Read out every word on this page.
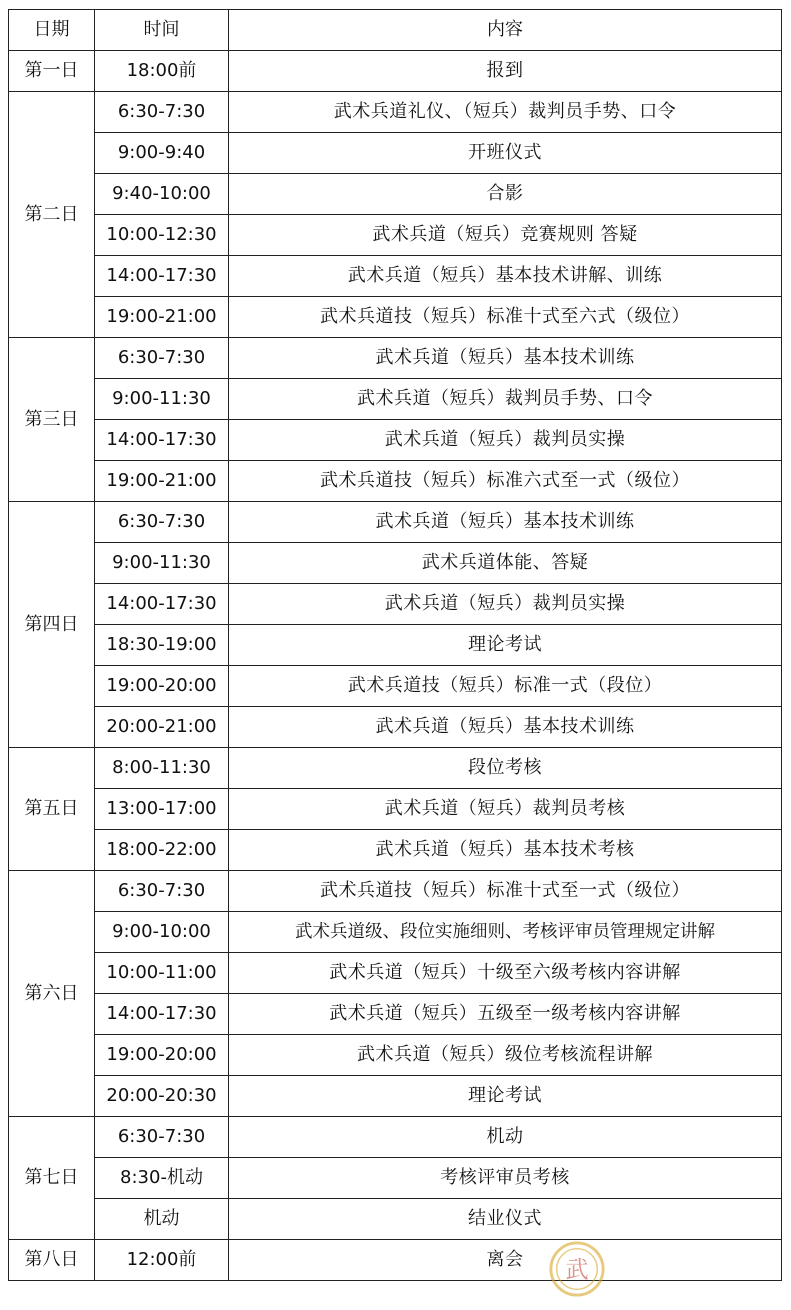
日期	时间	内容
第一日	18:00前	报到
第二日	6:30-7:30	武术兵道礼仪、（短兵）裁判员手势、口令
	9:00-9:40	开班仪式
	9:40-10:00	合影
	10:00-12:30	武术兵道（短兵）竞赛规则 答疑
	14:00-17:30	武术兵道（短兵）基本技术讲解、训练
	19:00-21:00	武术兵道技（短兵）标准十式至六式（级位）
第三日	6:30-7:30	武术兵道（短兵）基本技术训练
	9:00-11:30	武术兵道（短兵）裁判员手势、口令
	14:00-17:30	武术兵道（短兵）裁判员实操
	19:00-21:00	武术兵道技（短兵）标准六式至一式（级位）
第四日	6:30-7:30	武术兵道（短兵）基本技术训练
	9:00-11:30	武术兵道体能、答疑
	14:00-17:30	武术兵道（短兵）裁判员实操
	18:30-19:00	理论考试
	19:00-20:00	武术兵道技（短兵）标准一式（段位）
	20:00-21:00	武术兵道（短兵）基本技术训练
第五日	8:00-11:30	段位考核
	13:00-17:00	武术兵道（短兵）裁判员考核
	18:00-22:00	武术兵道（短兵）基本技术考核
第六日	6:30-7:30	武术兵道技（短兵）标准十式至一式（级位）
	9:00-10:00	武术兵道级、段位实施细则、考核评审员管理规定讲解
	10:00-11:00	武术兵道（短兵）十级至六级考核内容讲解
	14:00-17:30	武术兵道（短兵）五级至一级考核内容讲解
	19:00-20:00	武术兵道（短兵）级位考核流程讲解
	20:00-20:30	理论考试
第七日	6:30-7:30	机动
	8:30-机动	考核评审员考核
	机动	结业仪式
第八日	12:00前	离会 武
